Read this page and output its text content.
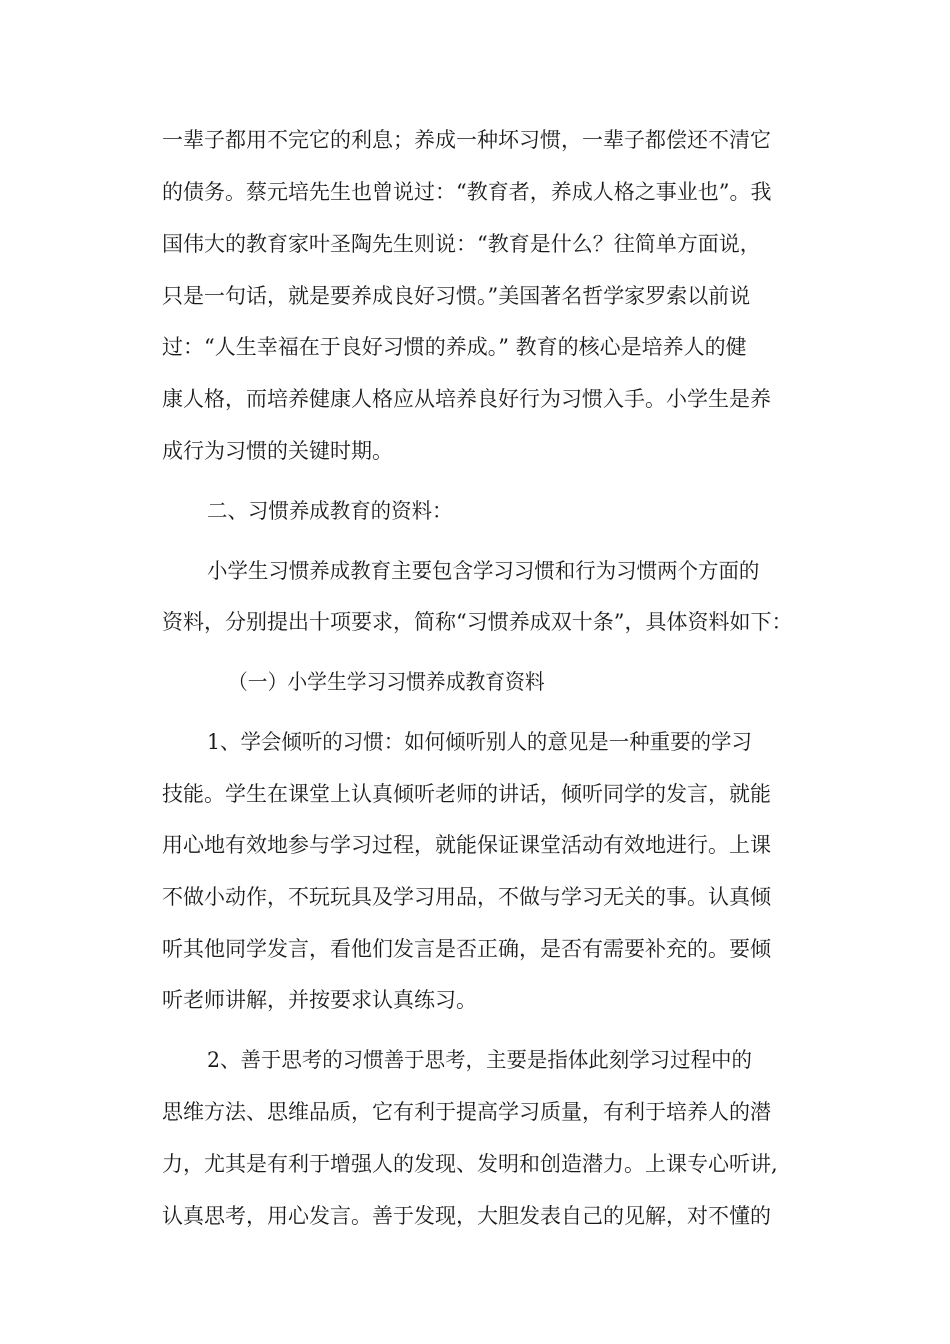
一辈子都用不完它的利息；养成一种坏习惯，一辈子都偿还不清它

的债务。蔡元培先生也曾说过：“教育者，养成人格之事业也”。我

国伟大的教育家叶圣陶先生则说：“教育是什么？往简单方面说，

只是一句话，就是要养成良好习惯。”美国著名哲学家罗索以前说

过：“人生幸福在于良好习惯的养成。” 教育的核心是培养人的健

康人格，而培养健康人格应从培养良好行为习惯入手。小学生是养

成行为习惯的关键时期。

二、习惯养成教育的资料：

小学生习惯养成教育主要包含学习习惯和行为习惯两个方面的

资料，分别提出十项要求，简称“习惯养成双十条”，具体资料如下：

（一）小学生学习习惯养成教育资料

1、学会倾听的习惯：如何倾听别人的意见是一种重要的学习

技能。学生在课堂上认真倾听老师的讲话，倾听同学的发言，就能

用心地有效地参与学习过程，就能保证课堂活动有效地进行。上课

不做小动作，不玩玩具及学习用品，不做与学习无关的事。认真倾

听其他同学发言，看他们发言是否正确，是否有需要补充的。要倾

听老师讲解，并按要求认真练习。

2、善于思考的习惯善于思考，主要是指体此刻学习过程中的

思维方法、思维品质，它有利于提高学习质量，有利于培养人的潜

力，尤其是有利于增强人的发现、发明和创造潜力。上课专心听讲,

认真思考，用心发言。善于发现，大胆发表自己的见解，对不懂的
